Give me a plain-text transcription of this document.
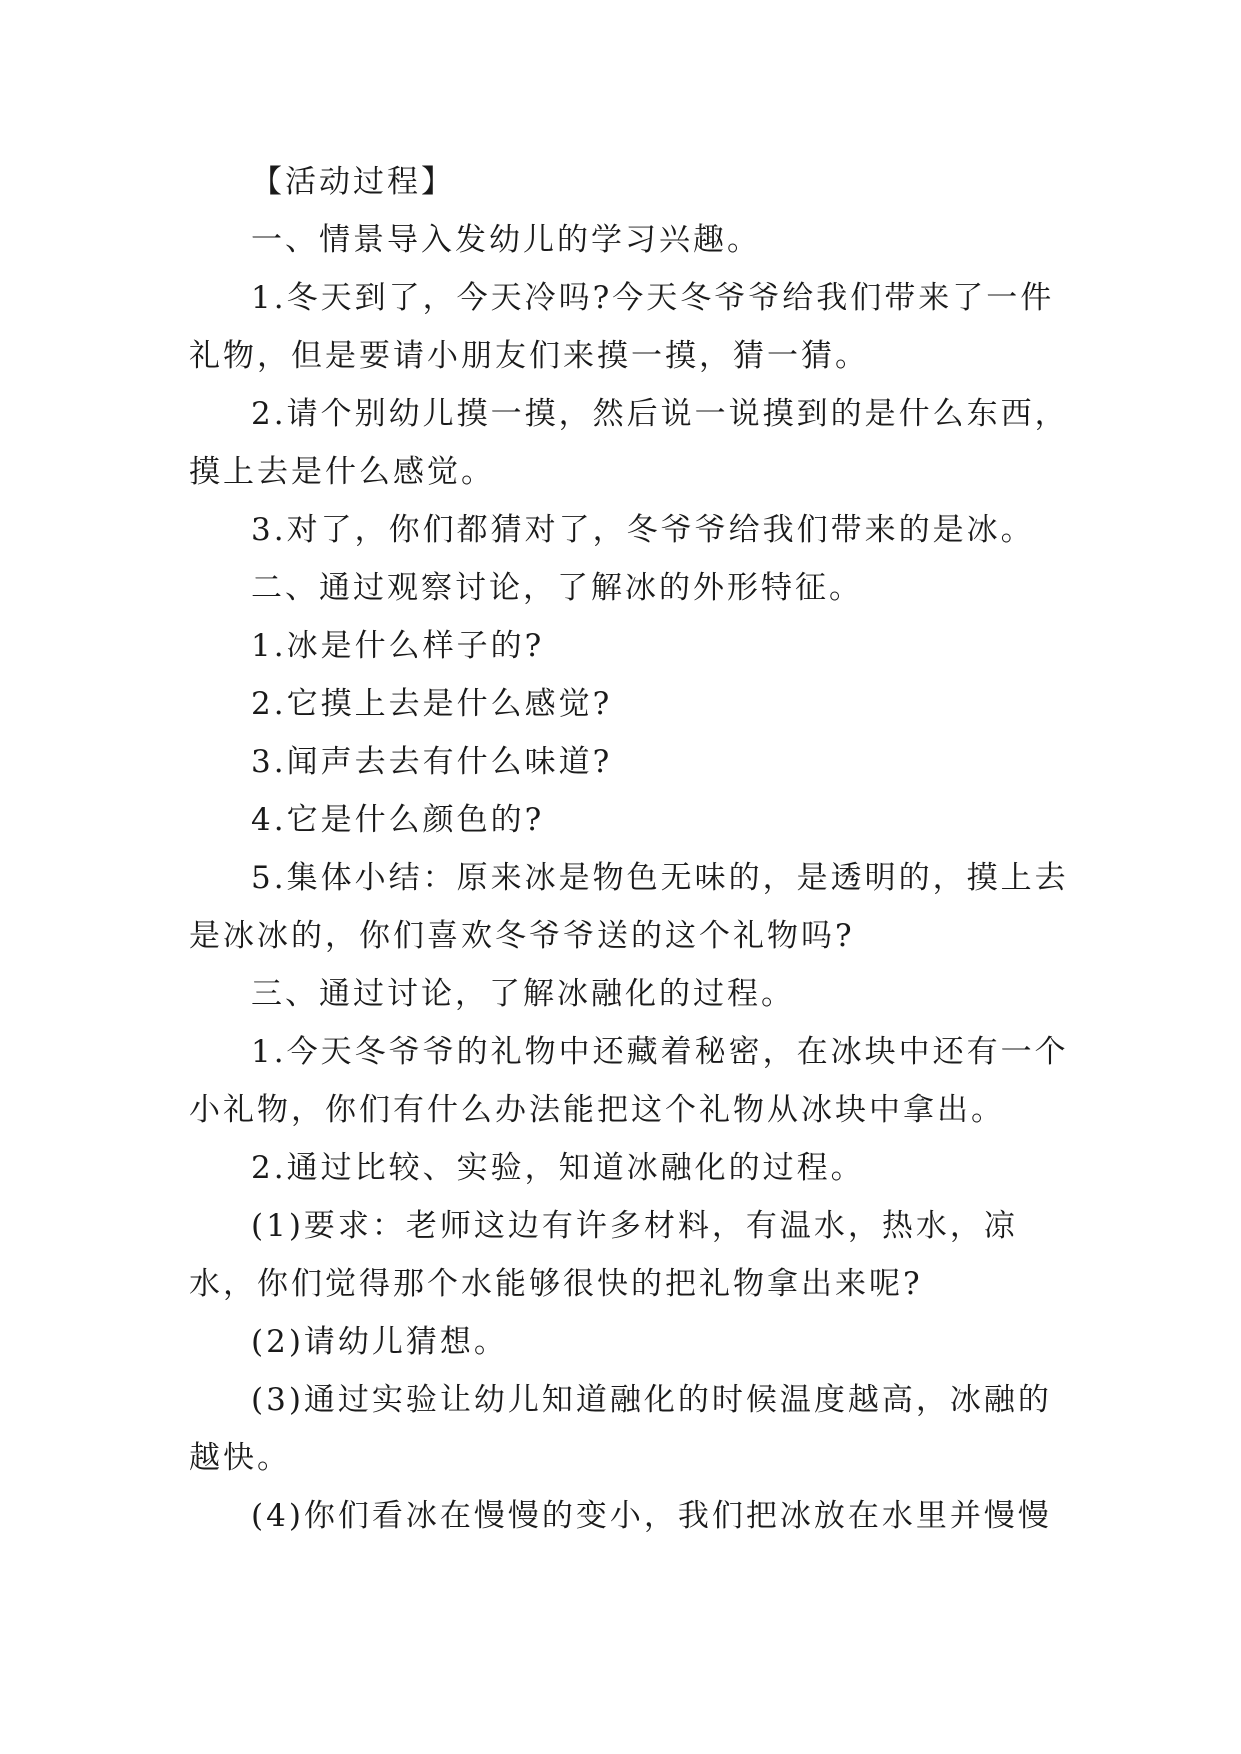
【活动过程】

一、情景导入发幼儿的学习兴趣。

1.冬天到了，今天冷吗?今天冬爷爷给我们带来了一件礼物，但是要请小朋友们来摸一摸，猜一猜。

2.请个别幼儿摸一摸，然后说一说摸到的是什么东西，摸上去是什么感觉。

3.对了，你们都猜对了，冬爷爷给我们带来的是冰。

二、通过观察讨论，了解冰的外形特征。

1.冰是什么样子的?

2.它摸上去是什么感觉?

3.闻声去去有什么味道?

4.它是什么颜色的?

5.集体小结：原来冰是物色无味的，是透明的，摸上去是冰冰的，你们喜欢冬爷爷送的这个礼物吗?

三、通过讨论，了解冰融化的过程。

1.今天冬爷爷的礼物中还藏着秘密，在冰块中还有一个小礼物，你们有什么办法能把这个礼物从冰块中拿出。

2.通过比较、实验，知道冰融化的过程。

(1)要求：老师这边有许多材料，有温水，热水，凉水，你们觉得那个水能够很快的把礼物拿出来呢?

(2)请幼儿猜想。

(3)通过实验让幼儿知道融化的时候温度越高，冰融的越快。

(4)你们看冰在慢慢的变小，我们把冰放在水里并慢慢
